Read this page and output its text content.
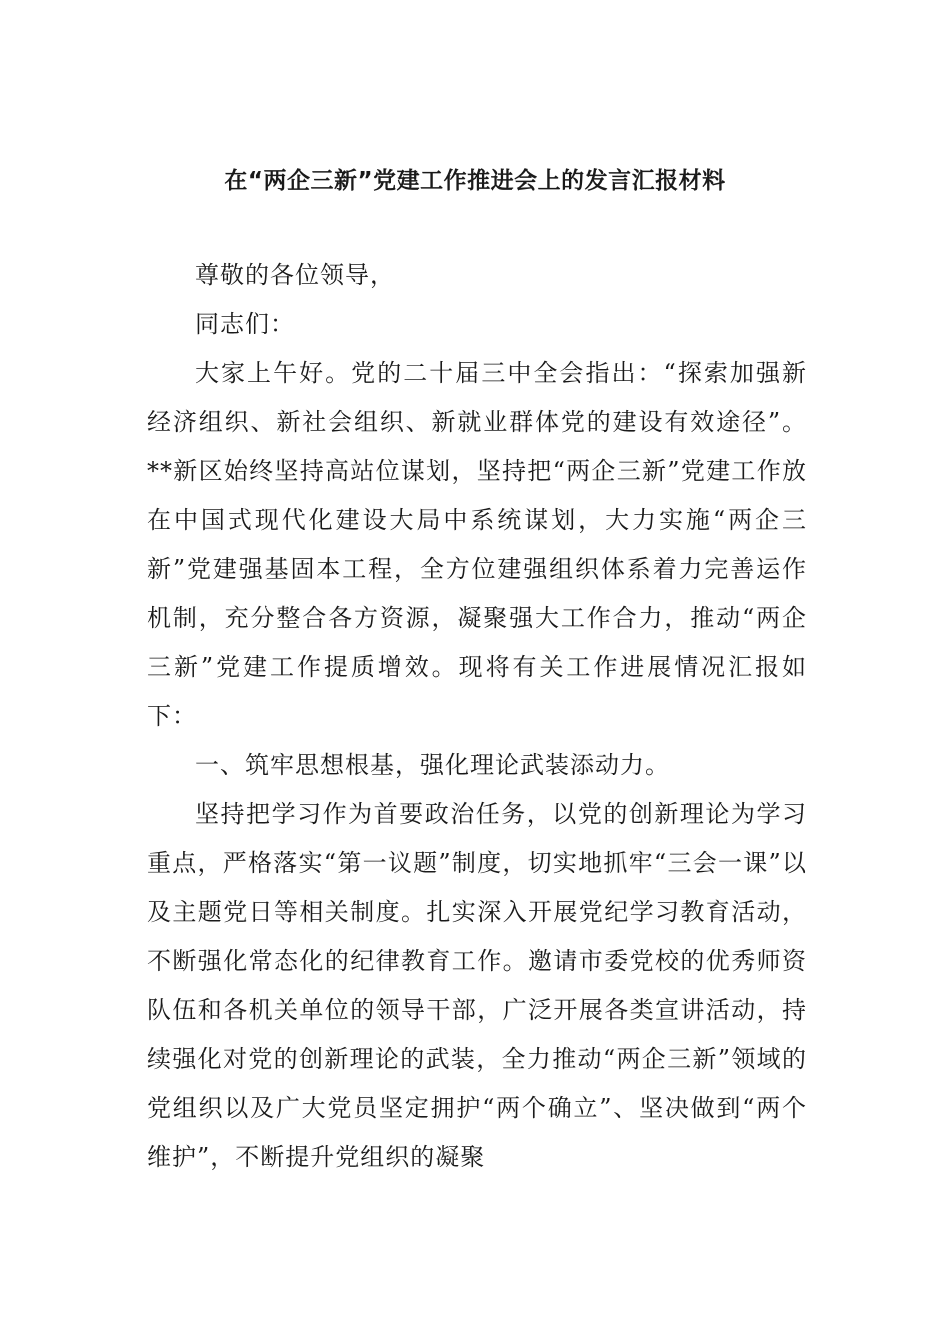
在“两企三新”党建工作推进会上的发言汇报材料

尊敬的各位领导，

同志们：

大家上午好。党的二十届三中全会指出：“探索加强新经济组织、新社会组织、新就业群体党的建设有效途径”。**新区始终坚持高站位谋划，坚持把“两企三新”党建工作放在中国式现代化建设大局中系统谋划，大力实施“两企三新”党建强基固本工程，全方位建强组织体系着力完善运作机制，充分整合各方资源，凝聚强大工作合力，推动“两企三新”党建工作提质增效。现将有关工作进展情况汇报如下：

一、筑牢思想根基，强化理论武装添动力。

坚持把学习作为首要政治任务，以党的创新理论为学习重点，严格落实“第一议题”制度，切实地抓牢“三会一课”以及主题党日等相关制度。扎实深入开展党纪学习教育活动，不断强化常态化的纪律教育工作。邀请市委党校的优秀师资队伍和各机关单位的领导干部，广泛开展各类宣讲活动，持续强化对党的创新理论的武装，全力推动“两企三新”领域的党组织以及广大党员坚定拥护“两个确立”、坚决做到“两个维护”，不断提升党组织的凝聚
